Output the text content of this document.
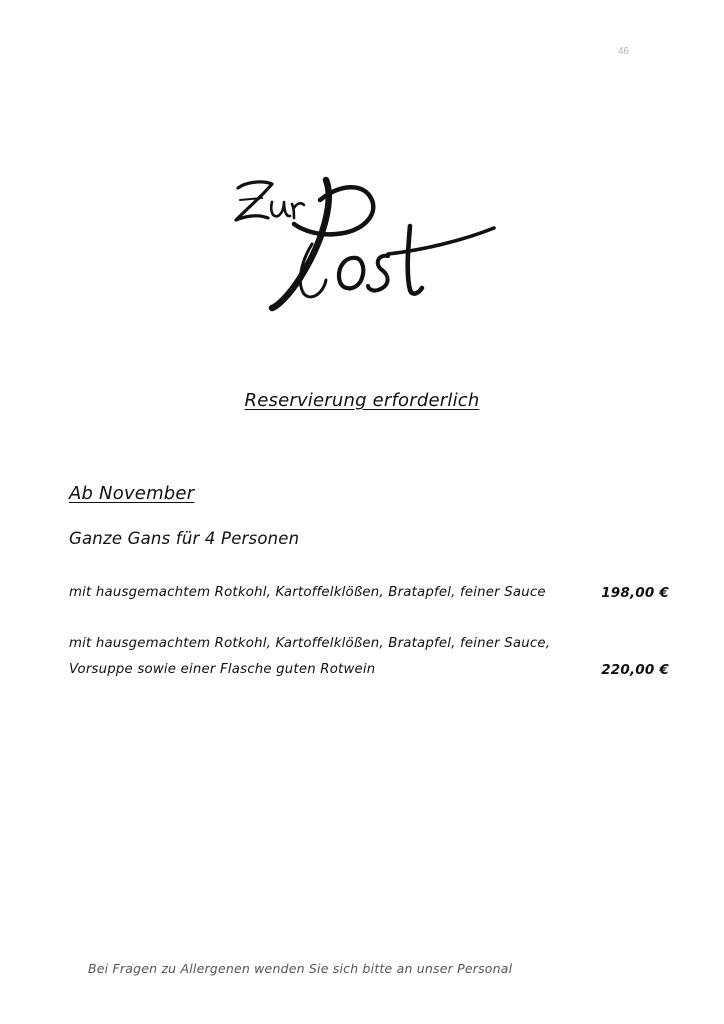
46
Reservierung erforderlich
Ab November
Ganze Gans für 4 Personen
mit hausgemachtem Rotkohl, Kartoffelklößen, Bratapfel, feiner Sauce	198,00 €
mit hausgemachtem Rotkohl, Kartoffelklößen, Bratapfel, feiner Sauce,
Vorsuppe sowie einer Flasche guten Rotwein	220,00 €
Bei Fragen zu Allergenen wenden Sie sich bitte an unser Personal
